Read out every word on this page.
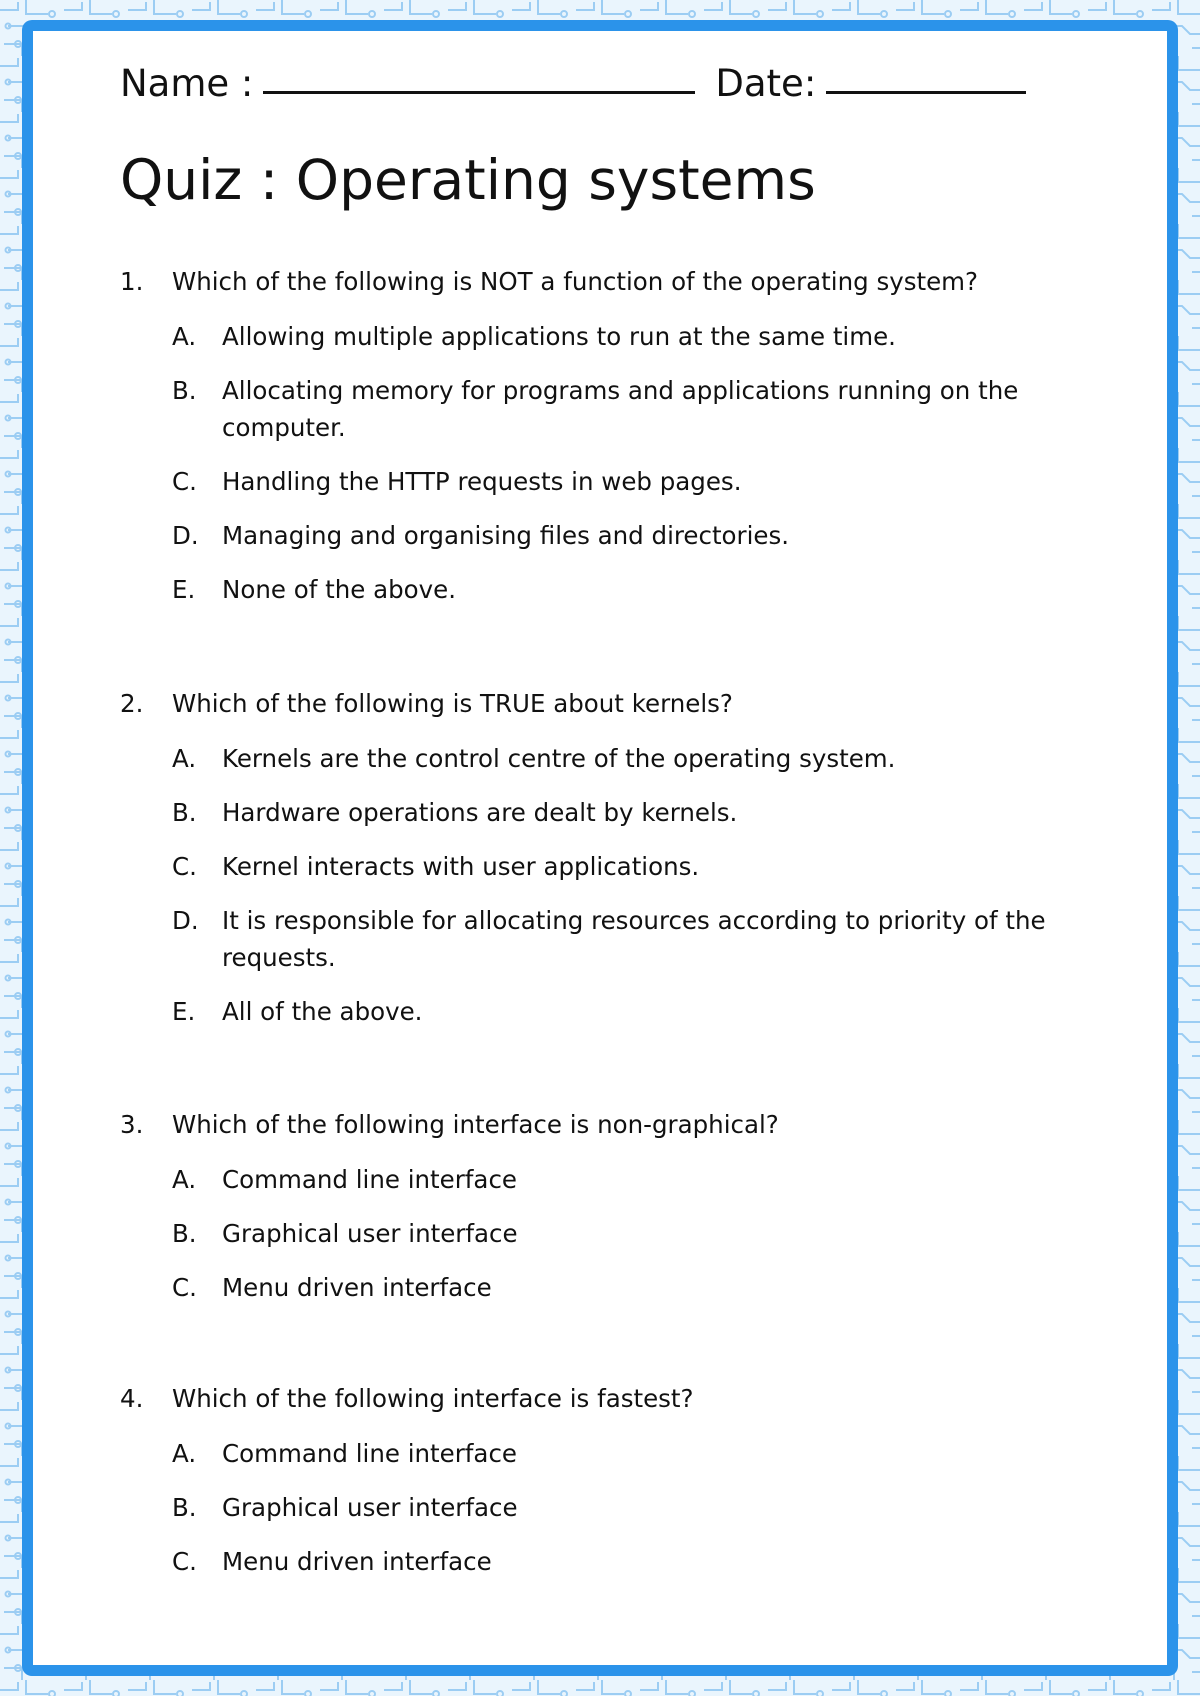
Name :	Date:
Quiz : Operating systems
1. Which of the following is NOT a function of the operating system?
A. Allowing multiple applications to run at the same time.
B. Allocating memory for programs and applications running on the computer.
C. Handling the HTTP requests in web pages.
D. Managing and organising files and directories.
E. None of the above.
2. Which of the following is TRUE about kernels?
A. Kernels are the control centre of the operating system.
B. Hardware operations are dealt by kernels.
C. Kernel interacts with user applications.
D. It is responsible for allocating resources according to priority of the requests.
E. All of the above.
3. Which of the following interface is non-graphical?
A. Command line interface
B. Graphical user interface
C. Menu driven interface
4. Which of the following interface is fastest?
A. Command line interface
B. Graphical user interface
C. Menu driven interface
